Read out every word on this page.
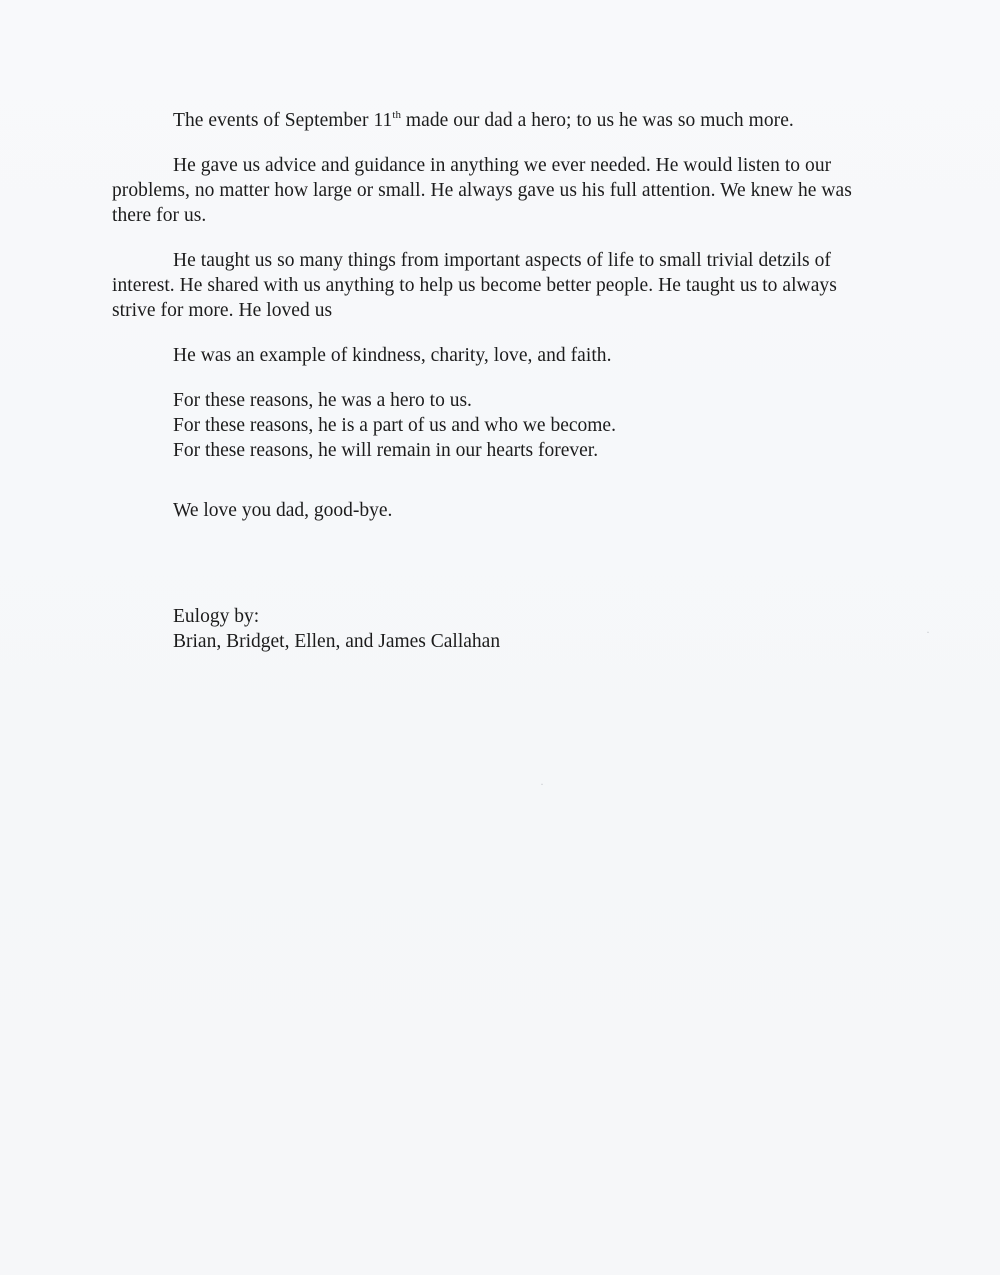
The events of September 11th made our dad a hero; to us he was so much more.

He gave us advice and guidance in anything we ever needed. He would listen to our problems, no matter how large or small. He always gave us his full attention. We knew he was there for us.

He taught us so many things from important aspects of life to small trivial detzils of interest. He shared with us anything to help us become better people. He taught us to always strive for more. He loved us

He was an example of kindness, charity, love, and faith.

For these reasons, he was a hero to us.
For these reasons, he is a part of us and who we become.
For these reasons, he will remain in our hearts forever.
We love you dad, good-bye.
Eulogy by:
Brian, Bridget, Ellen, and James Callahan	·
·
